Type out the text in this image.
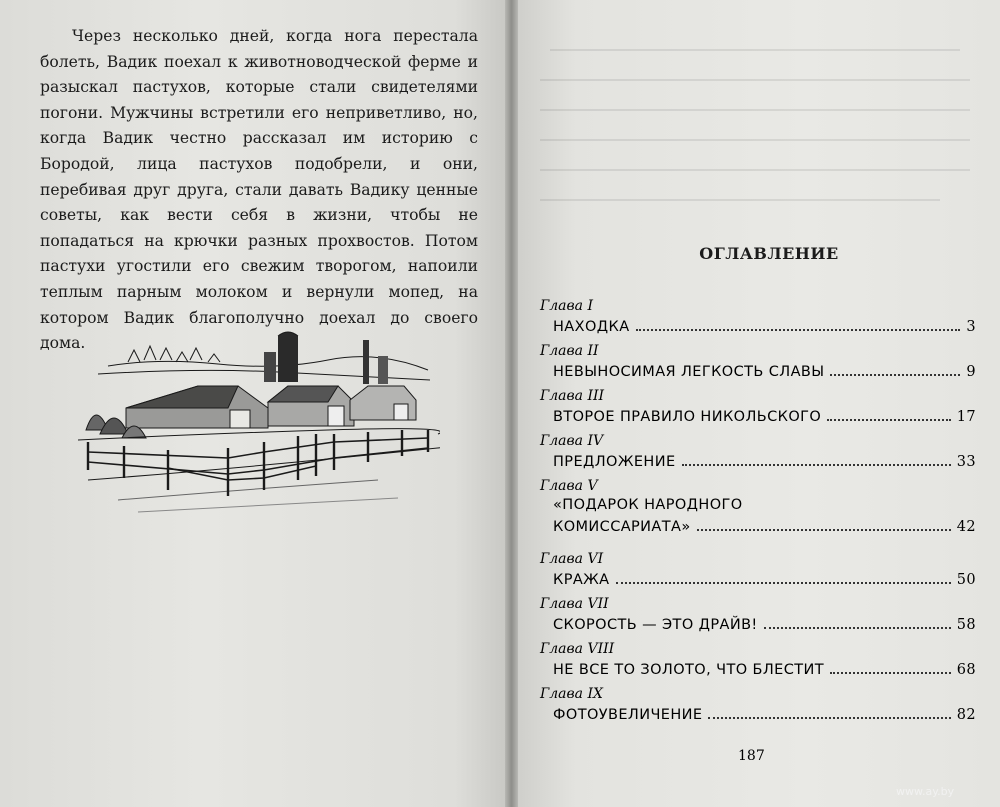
Через несколько дней, когда нога перестала болеть, Вадик поехал к животноводческой ферме и разыскал пастухов, которые стали свидетелями погони. Мужчины встретили его неприветливо, но, когда Вадик честно рассказал им историю с Бородой, лица пастухов подобрели, и они, перебивая друг друга, стали давать Вадику ценные советы, как вести себя в жизни, чтобы не попадаться на крючки разных прохвостов. Потом пастухи угостили его свежим творогом, напоили теплым парным молоком и вернули мопед, на котором Вадик благополучно доехал до своего дома.

ОГЛАВЛЕНИЕ
Глава I
НАХОДКА	3
Глава II
НЕВЫНОСИМАЯ ЛЕГКОСТЬ СЛАВЫ	9
Глава III
ВТОРОЕ ПРАВИЛО НИКОЛЬСКОГО	17
Глава IV
ПРЕДЛОЖЕНИЕ	33
Глава V
«ПОДАРОК НАРОДНОГО
КОМИССАРИАТА»	42
Глава VI
КРАЖА	50
Глава VII
СКОРОСТЬ — ЭТО ДРАЙВ!	58
Глава VIII
НЕ ВСЕ ТО ЗОЛОТО, ЧТО БЛЕСТИТ	68
Глава IX
ФОТОУВЕЛИЧЕНИЕ	82
187
www.ay.by
